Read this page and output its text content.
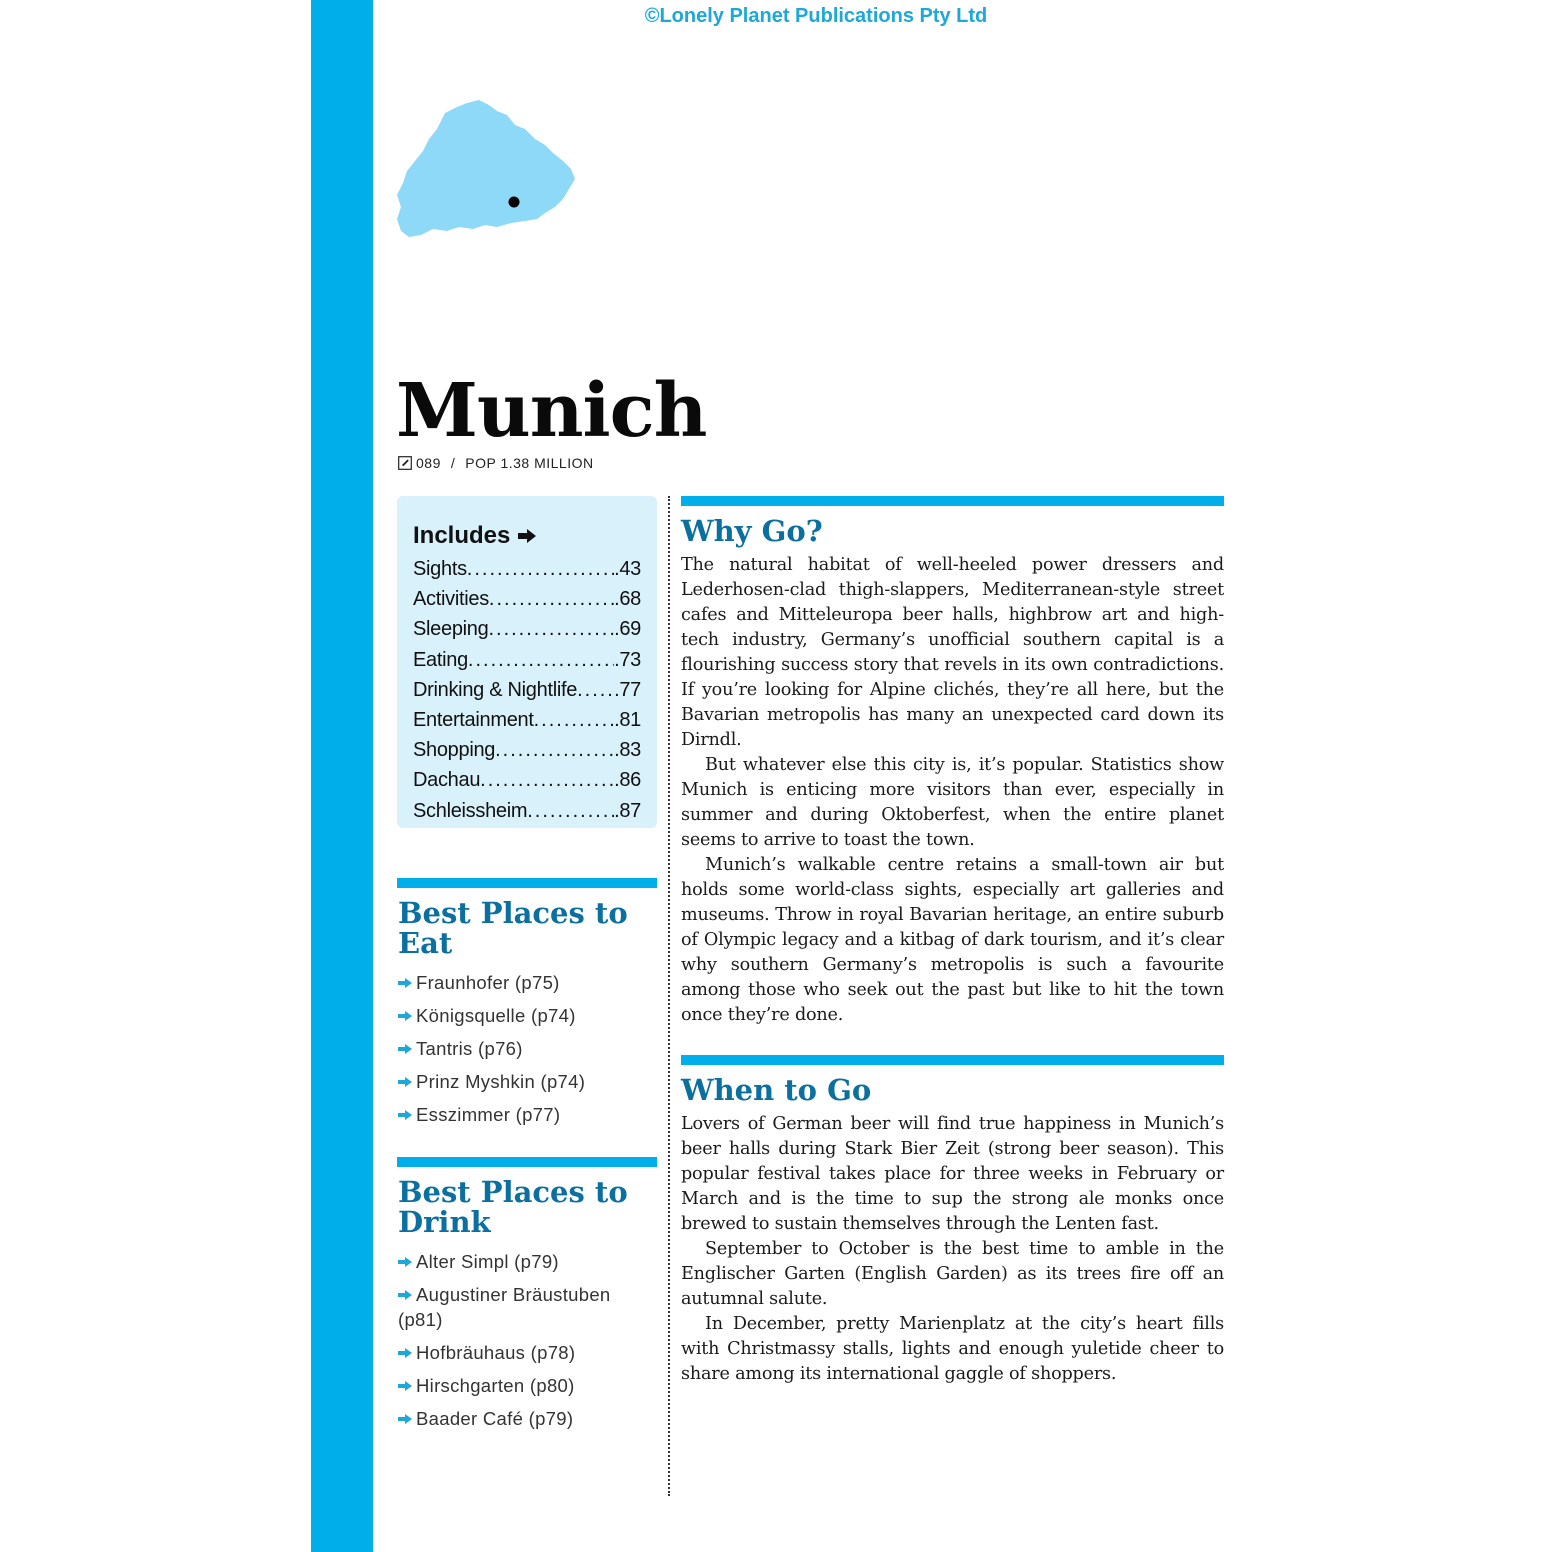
©Lonely Planet Publications Pty Ltd
Munich
089 / POP 1.38 MILLION
Includes
Sights .....	.43
Activities .....	.68
Sleeping .....	.69
Eating .....	.73
Drinking & Nightlife ..... .77
Entertainment .....	.81
Shopping .....	.83
Dachau .....	.86
Schleissheim .....	.87
Best Places to
Eat
Fraunhofer (p75)
Königsquelle (p74)
Tantris (p76)
Prinz Myshkin (p74)
Esszimmer (p77)
Best Places to
Drink
Alter Simpl (p79)
Augustiner Bräustuben (p81)
Hofbräuhaus (p78)
Hirschgarten (p80)
Baader Café (p79)
Why Go?

The natural habitat of well-heeled power dressers and Lederhosen-clad thigh-slappers, Mediterranean-style street cafes and Mitteleuropa beer halls, highbrow art and high-tech industry, Germany’s unofficial southern capital is a flourishing success story that revels in its own contradictions. If you’re looking for Alpine clichés, they’re all here, but the Bavarian metropolis has many an unexpected card down its Dirndl.

But whatever else this city is, it’s popular. Statistics show Munich is enticing more visitors than ever, especially in summer and during Oktoberfest, when the entire planet seems to arrive to toast the town.

Munich’s walkable centre retains a small-town air but holds some world-class sights, especially art galleries and museums. Throw in royal Bavarian heritage, an entire suburb of Olympic legacy and a kitbag of dark tourism, and it’s clear why southern Germany’s metropolis is such a favourite among those who seek out the past but like to hit the town once they’re done.

When to Go

Lovers of German beer will find true happiness in Munich’s beer halls during Stark Bier Zeit (strong beer season). This popular festival takes place for three weeks in February or March and is the time to sup the strong ale monks once brewed to sustain themselves through the Lenten fast.

September to October is the best time to amble in the Englischer Garten (English Garden) as its trees fire off an autumnal salute.

In December, pretty Marienplatz at the city’s heart fills with Christmassy stalls, lights and enough yuletide cheer to share among its international gaggle of shoppers.
